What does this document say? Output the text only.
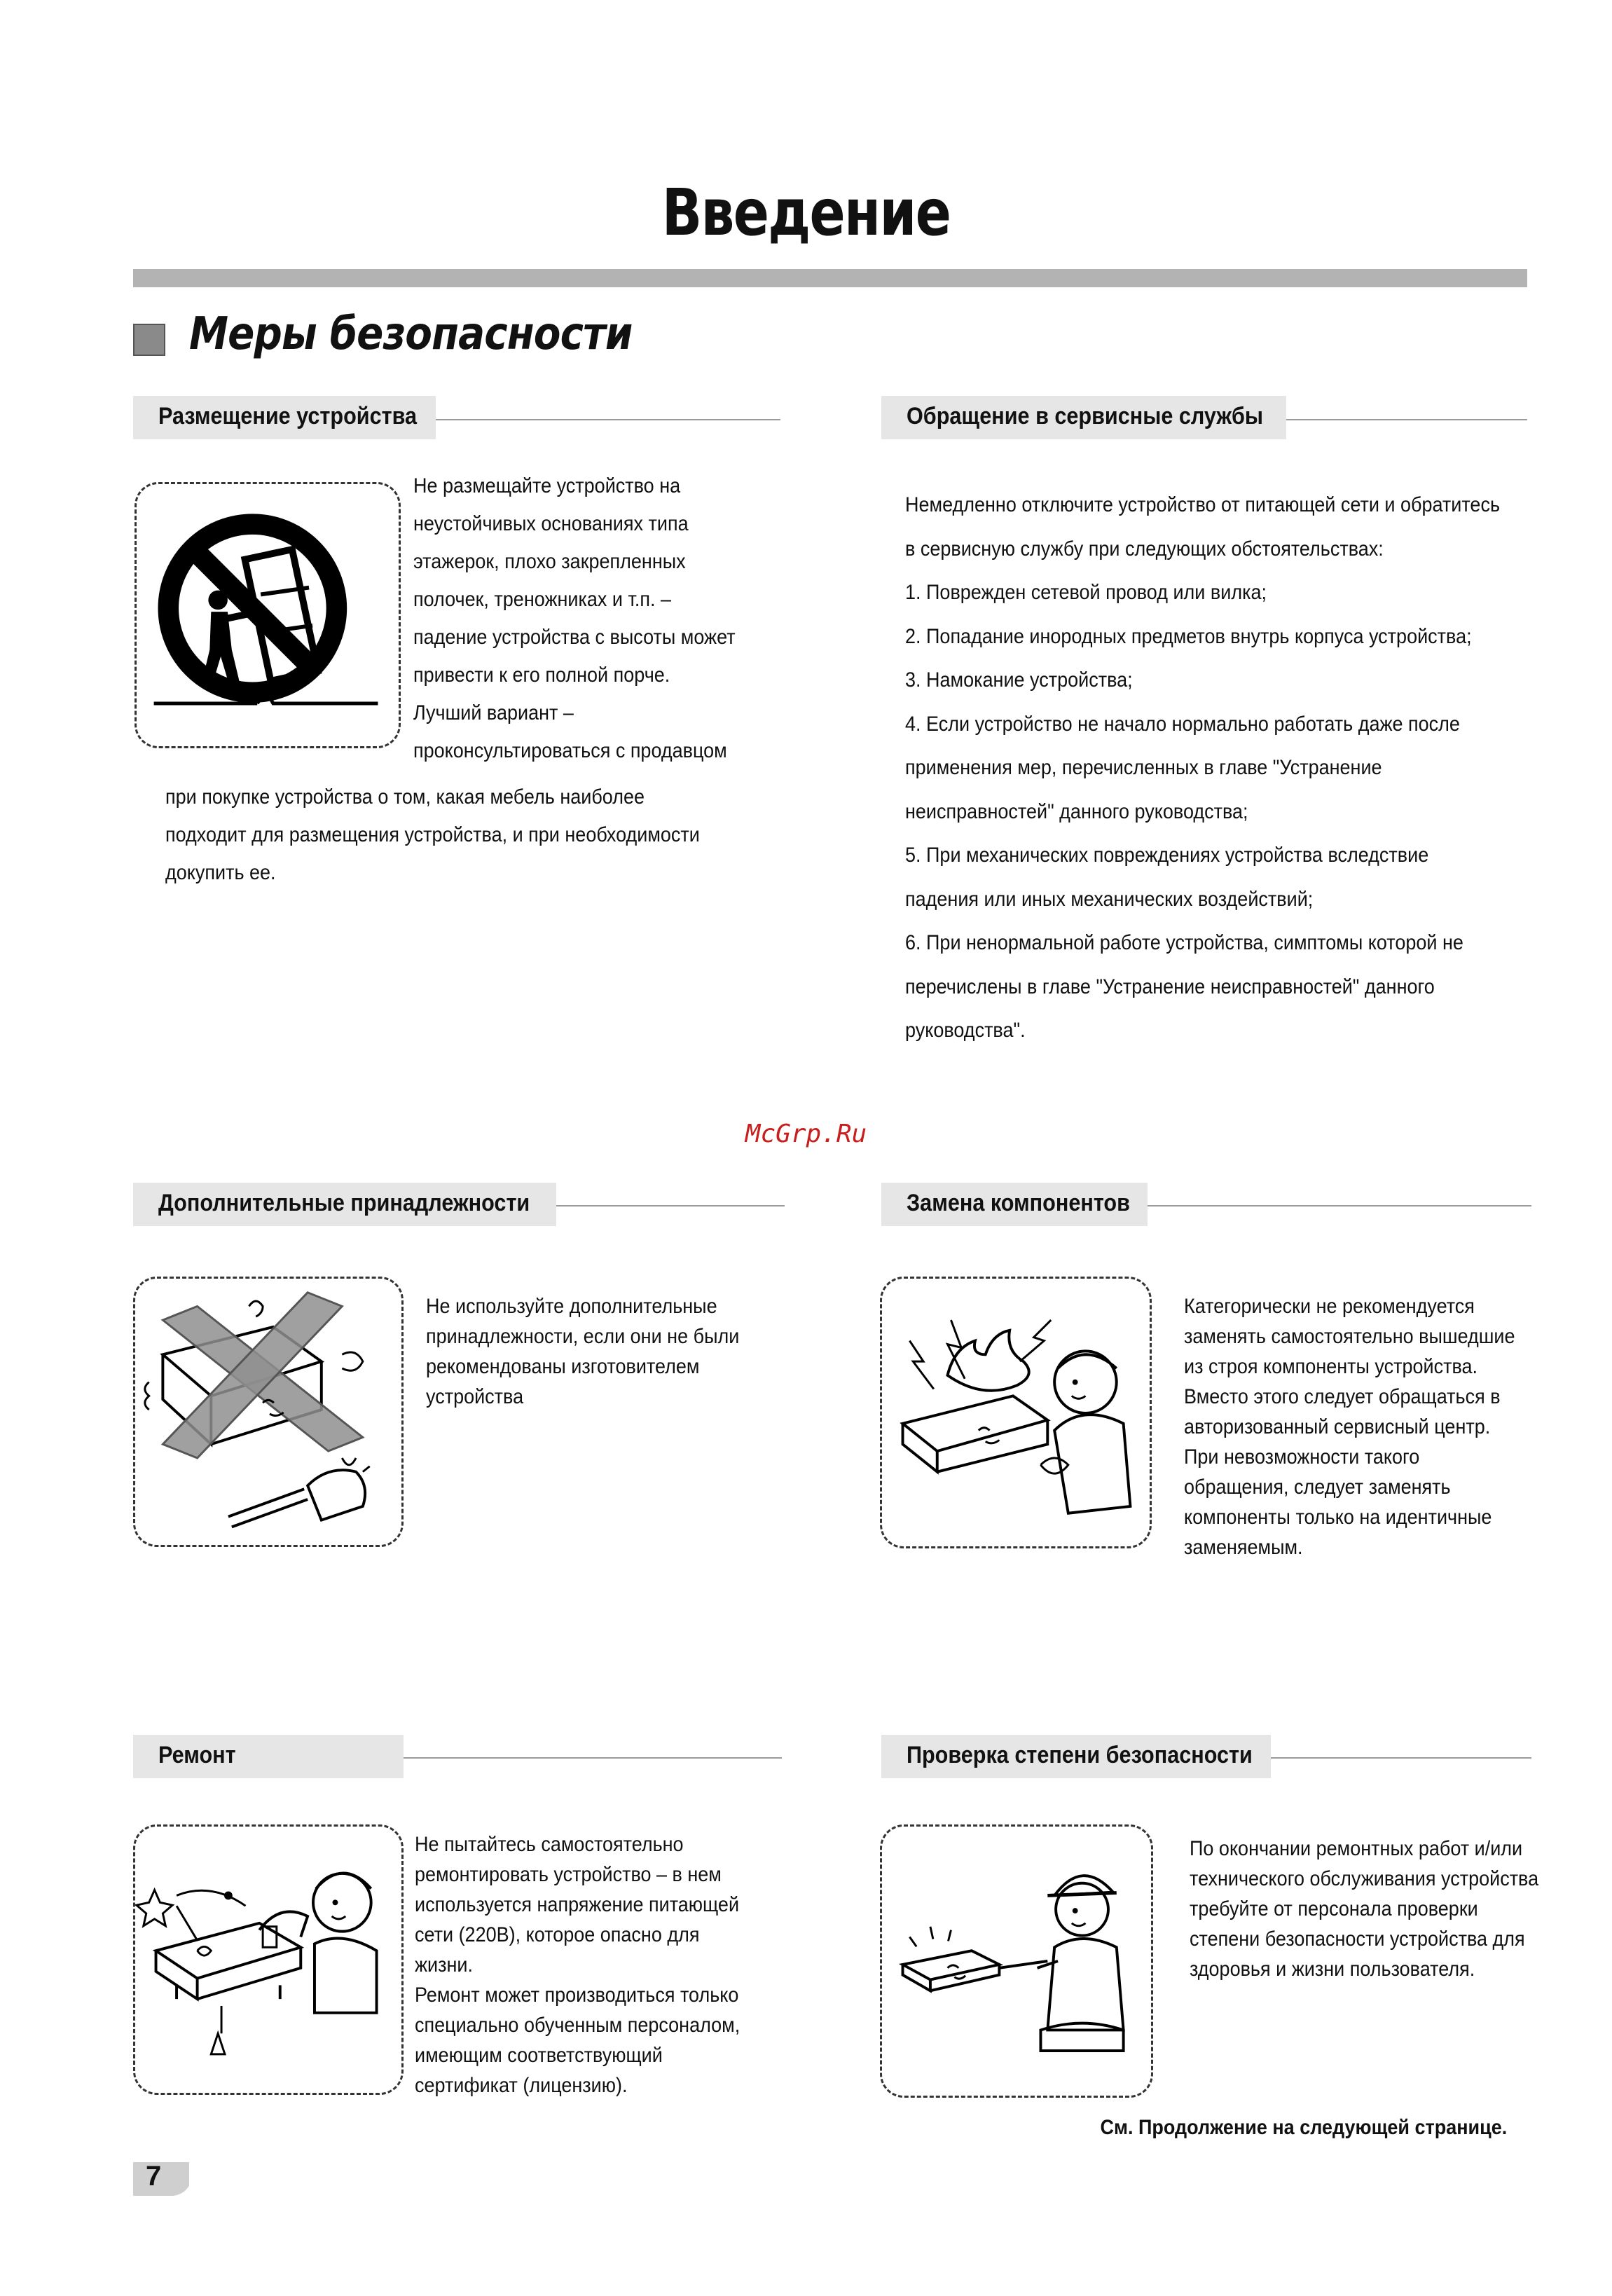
Введение
Меры безопасности
Размещение устройства
Не размещайте устройство на
неустойчивых основаниях типа
этажерок, плохо закрепленных
полочек, треножниках и т.п. –
падение устройства с высоты может
привести к его полной порче.
Лучший вариант –
проконсультироваться с продавцом
при покупке устройства о том, какая мебель наиболее
подходит для размещения устройства, и при необходимости
докупить ее.
Обращение в сервисные службы
Немедленно отключите устройство от питающей сети и обратитесь
в сервисную службу при следующих обстоятельствах:
1. Поврежден сетевой провод или вилка;
2. Попадание инородных предметов внутрь корпуса устройства;
3. Намокание устройства;
4. Если устройство не начало нормально работать даже после
применения мер, перечисленных в главе "Устранение
неисправностей" данного руководства;
5. При механических повреждениях устройства вследствие
падения или иных механических воздействий;
6. При ненормальной работе устройства, симптомы которой не
перечислены в главе "Устранение неисправностей" данного
руководства".
McGrp.Ru
Дополнительные принадлежности
Не используйте дополнительные
принадлежности, если они не были
рекомендованы изготовителем
устройства
Замена компонентов
Категорически не рекомендуется
заменять самостоятельно вышедшие
из строя компоненты устройства.
Вместо этого следует обращаться в
авторизованный сервисный центр.
При невозможности такого
обращения, следует заменять
компоненты только на идентичные
заменяемым.
Ремонт
Не пытайтесь самостоятельно
ремонтировать устройство – в нем
используется напряжение питающей
сети (220В), которое опасно для
жизни.
Ремонт может производиться только
специально обученным персоналом,
имеющим соответствующий
сертификат (лицензию).
Проверка степени безопасности
По окончании ремонтных работ и/или
технического обслуживания устройства
требуйте от персонала проверки
степени безопасности устройства для
здоровья и жизни пользователя.
См. Продолжение на следующей странице.
7
